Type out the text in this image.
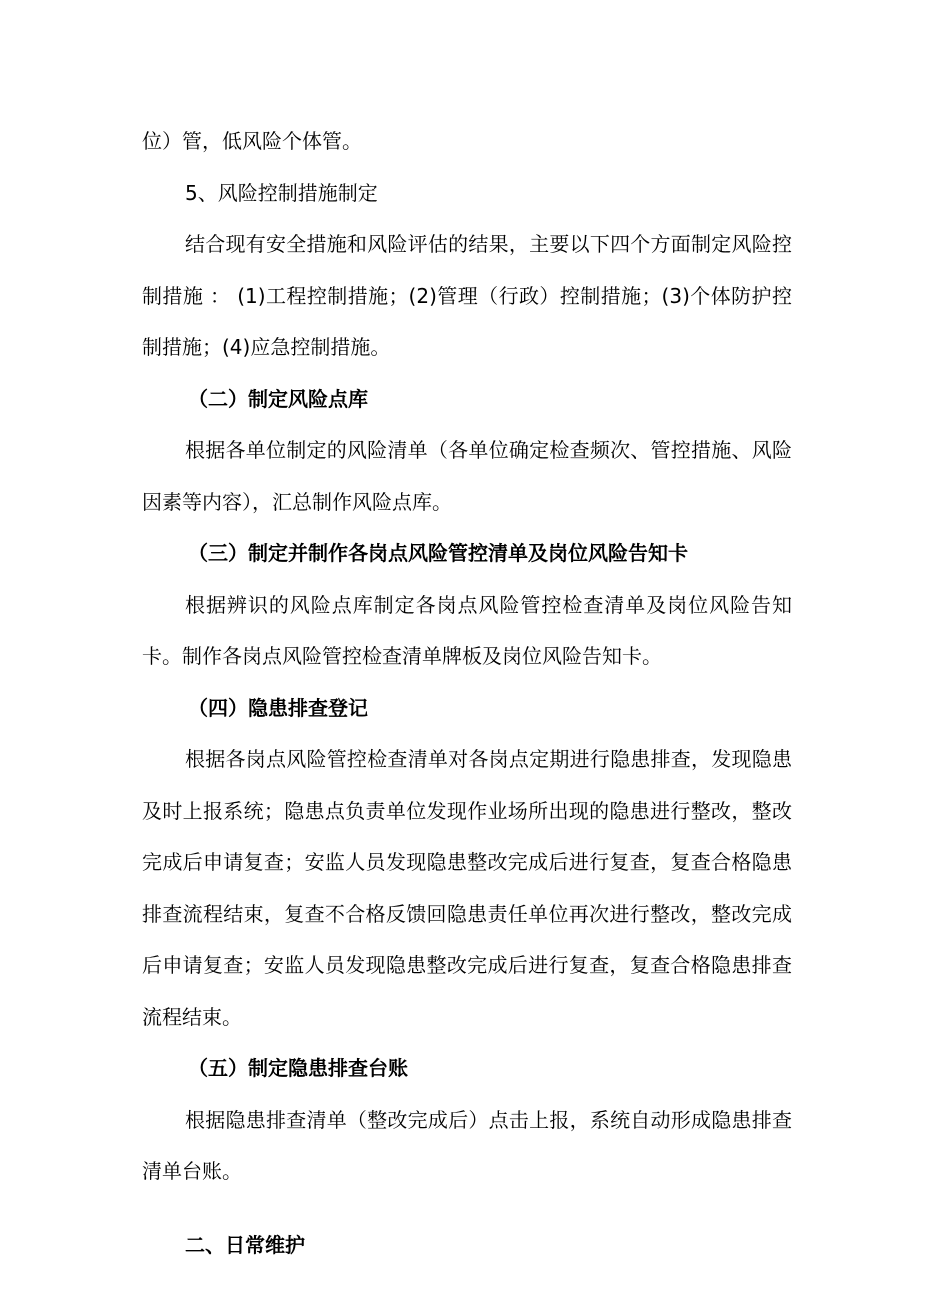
位）管，低风险个体管。

5、风险控制措施制定

结合现有安全措施和风险评估的结果，主要以下四个方面制定风险控制措施 ： (1)工程控制措施；(2)管理（行政）控制措施；(3)个体防护控制措施；(4)应急控制措施。

（二）制定风险点库

根据各单位制定的风险清单（各单位确定检查频次、管控措施、风险因素等内容），汇总制作风险点库。

（三）制定并制作各岗点风险管控清单及岗位风险告知卡

根据辨识的风险点库制定各岗点风险管控检查清单及岗位风险告知卡。制作各岗点风险管控检查清单牌板及岗位风险告知卡。

（四）隐患排查登记

根据各岗点风险管控检查清单对各岗点定期进行隐患排查，发现隐患及时上报系统；隐患点负责单位发现作业场所出现的隐患进行整改，整改完成后申请复查；安监人员发现隐患整改完成后进行复查，复查合格隐患排查流程结束，复查不合格反馈回隐患责任单位再次进行整改，整改完成后申请复查；安监人员发现隐患整改完成后进行复查，复查合格隐患排查流程结束。

（五）制定隐患排查台账

根据隐患排查清单（整改完成后）点击上报，系统自动形成隐患排查清单台账。

二、日常维护
